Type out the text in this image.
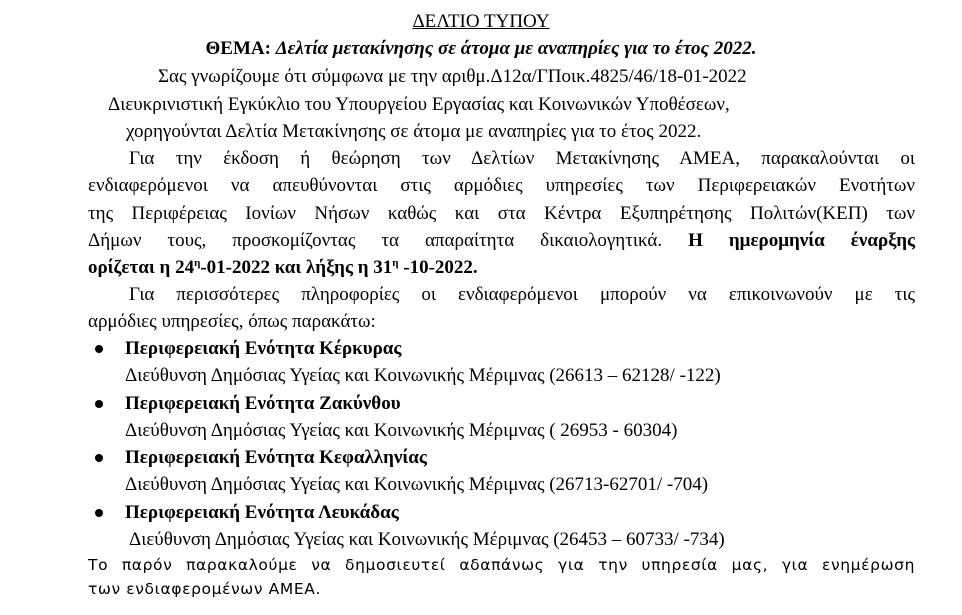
ΔΕΛΤΙΟ ΤΥΠΟΥ
ΘΕΜΑ: Δελτία μετακίνησης σε άτομα με αναπηρίες για το έτος 2022.
Σας γνωρίζουμε ότι σύμφωνα με την αριθμ.Δ12α/ΓΠοικ.4825/46/18-01-2022
Διευκρινιστική Εγκύκλιο του Υπουργείου Εργασίας και Κοινωνικών Υποθέσεων,
χορηγούνται Δελτία Μετακίνησης σε άτομα με αναπηρίες για το έτος 2022.
Για την έκδοση ή θεώρηση των Δελτίων Μετακίνησης ΑΜΕΑ, παρακαλούνται οι
ενδιαφερόμενοι να απευθύνονται στις αρμόδιες υπηρεσίες των Περιφερειακών Ενοτήτων
της Περιφέρειας Ιονίων Νήσων καθώς και στα Κέντρα Εξυπηρέτησης Πολιτών(ΚΕΠ) των
Δήμων τους, προσκομίζοντας τα απαραίτητα δικαιολογητικά. Η ημερομηνία έναρξης
ορίζεται η $24^\eta-01-2022$ και λήξης η $31^\eta$ -10-2022.
Για περισσότερες πληροφορίες οι ενδιαφερόμενοι μπορούν να επικοινωνούν με τις
αρμόδιες υπηρεσίες, όπως παρακάτω:
Περιφερειακή Ενότητα Κέρκυρας
Διεύθυνση Δημόσιας Υγείας και Κοινωνικής Μέριμνας (26613 – 62128/ -122)
Περιφερειακή Ενότητα Ζακύνθου
Διεύθυνση Δημόσιας Υγείας και Κοινωνικής Μέριμνας ( 26953 - 60304)
Περιφερειακή Ενότητα Κεφαλληνίας
Διεύθυνση Δημόσιας Υγείας και Κοινωνικής Μέριμνας (26713-62701/ -704)
Περιφερειακή Ενότητα Λευκάδας
Διεύθυνση Δημόσιας Υγείας και Κοινωνικής Μέριμνας (26453 – 60733/ -734)
Το παρόν παρακαλούμε να δημοσιευτεί αδαπάνως για την υπηρεσία μας, για ενημέρωση
των ενδιαφερομένων ΑΜΕΑ.
